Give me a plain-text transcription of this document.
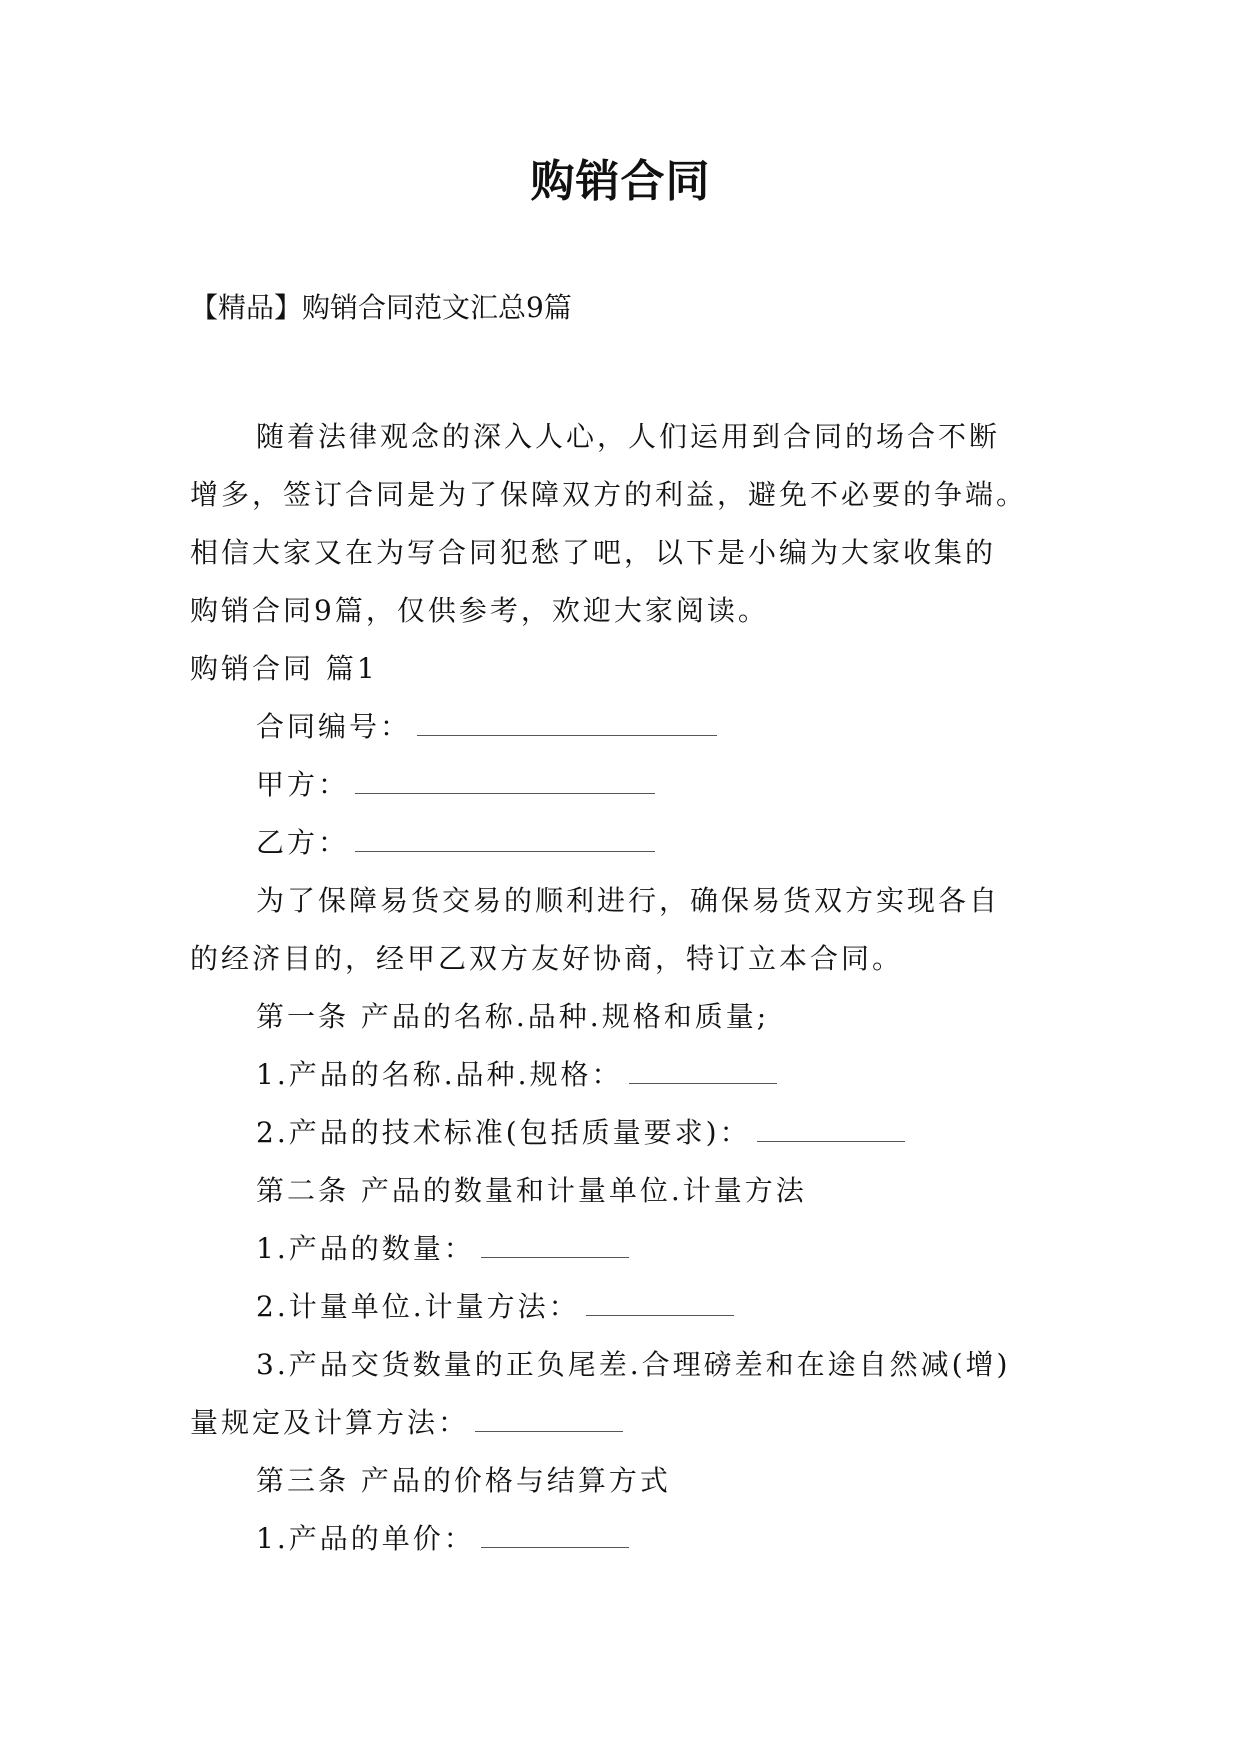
购销合同

【精品】购销合同范文汇总9篇

随着法律观念的深入人心，人们运用到合同的场合不断

增多，签订合同是为了保障双方的利益，避免不必要的争端。

相信大家又在为写合同犯愁了吧，以下是小编为大家收集的

购销合同9篇，仅供参考，欢迎大家阅读。

购销合同 篇1

合同编号：

甲方：

乙方：

为了保障易货交易的顺利进行，确保易货双方实现各自

的经济目的，经甲乙双方友好协商，特订立本合同。

第一条 产品的名称.品种.规格和质量;

1.产品的名称.品种.规格：

2.产品的技术标准(包括质量要求)：

第二条 产品的数量和计量单位.计量方法

1.产品的数量：

2.计量单位.计量方法：

3.产品交货数量的正负尾差.合理磅差和在途自然减(增)

量规定及计算方法：

第三条 产品的价格与结算方式

1.产品的单价：
